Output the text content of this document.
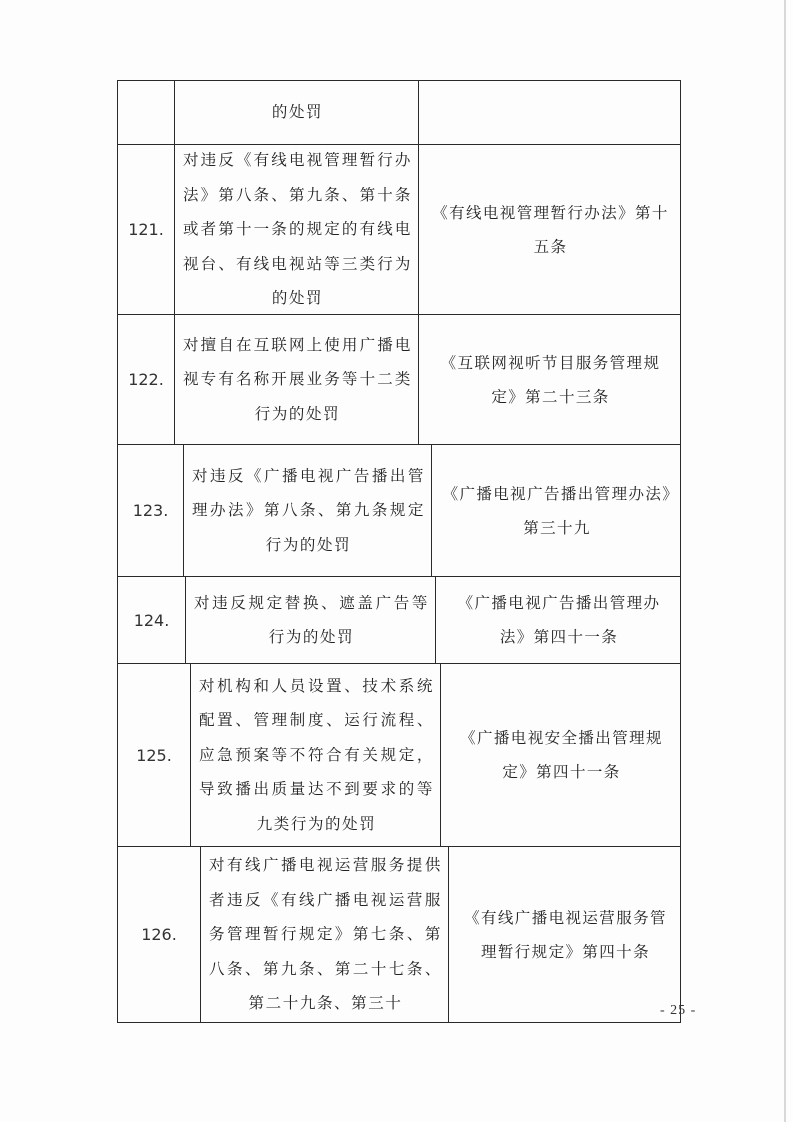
的处罚
121.
对违反《有线电视管理暂行办法》第八条、第九条、第十条或者第十一条的规定的有线电视台、有线电视站等三类行为的处罚
《有线电视管理暂行办法》第十五条
122.
对擅自在互联网上使用广播电视专有名称开展业务等十二类行为的处罚
《互联网视听节目服务管理规定》第二十三条
123.
对违反《广播电视广告播出管理办法》第八条、第九条规定行为的处罚
《广播电视广告播出管理办法》第三十九
124.
对违反规定替换、遮盖广告等行为的处罚
《广播电视广告播出管理办法》第四十一条
125.
对机构和人员设置、技术系统配置、管理制度、运行流程、应急预案等不符合有关规定，导致播出质量达不到要求的等九类行为的处罚
《广播电视安全播出管理规定》第四十一条
126.
对有线广播电视运营服务提供者违反《有线广播电视运营服务管理暂行规定》第七条、第八条、第九条、第二十七条、第二十九条、第三十
《有线广播电视运营服务管理暂行规定》第四十条
- 25 -
